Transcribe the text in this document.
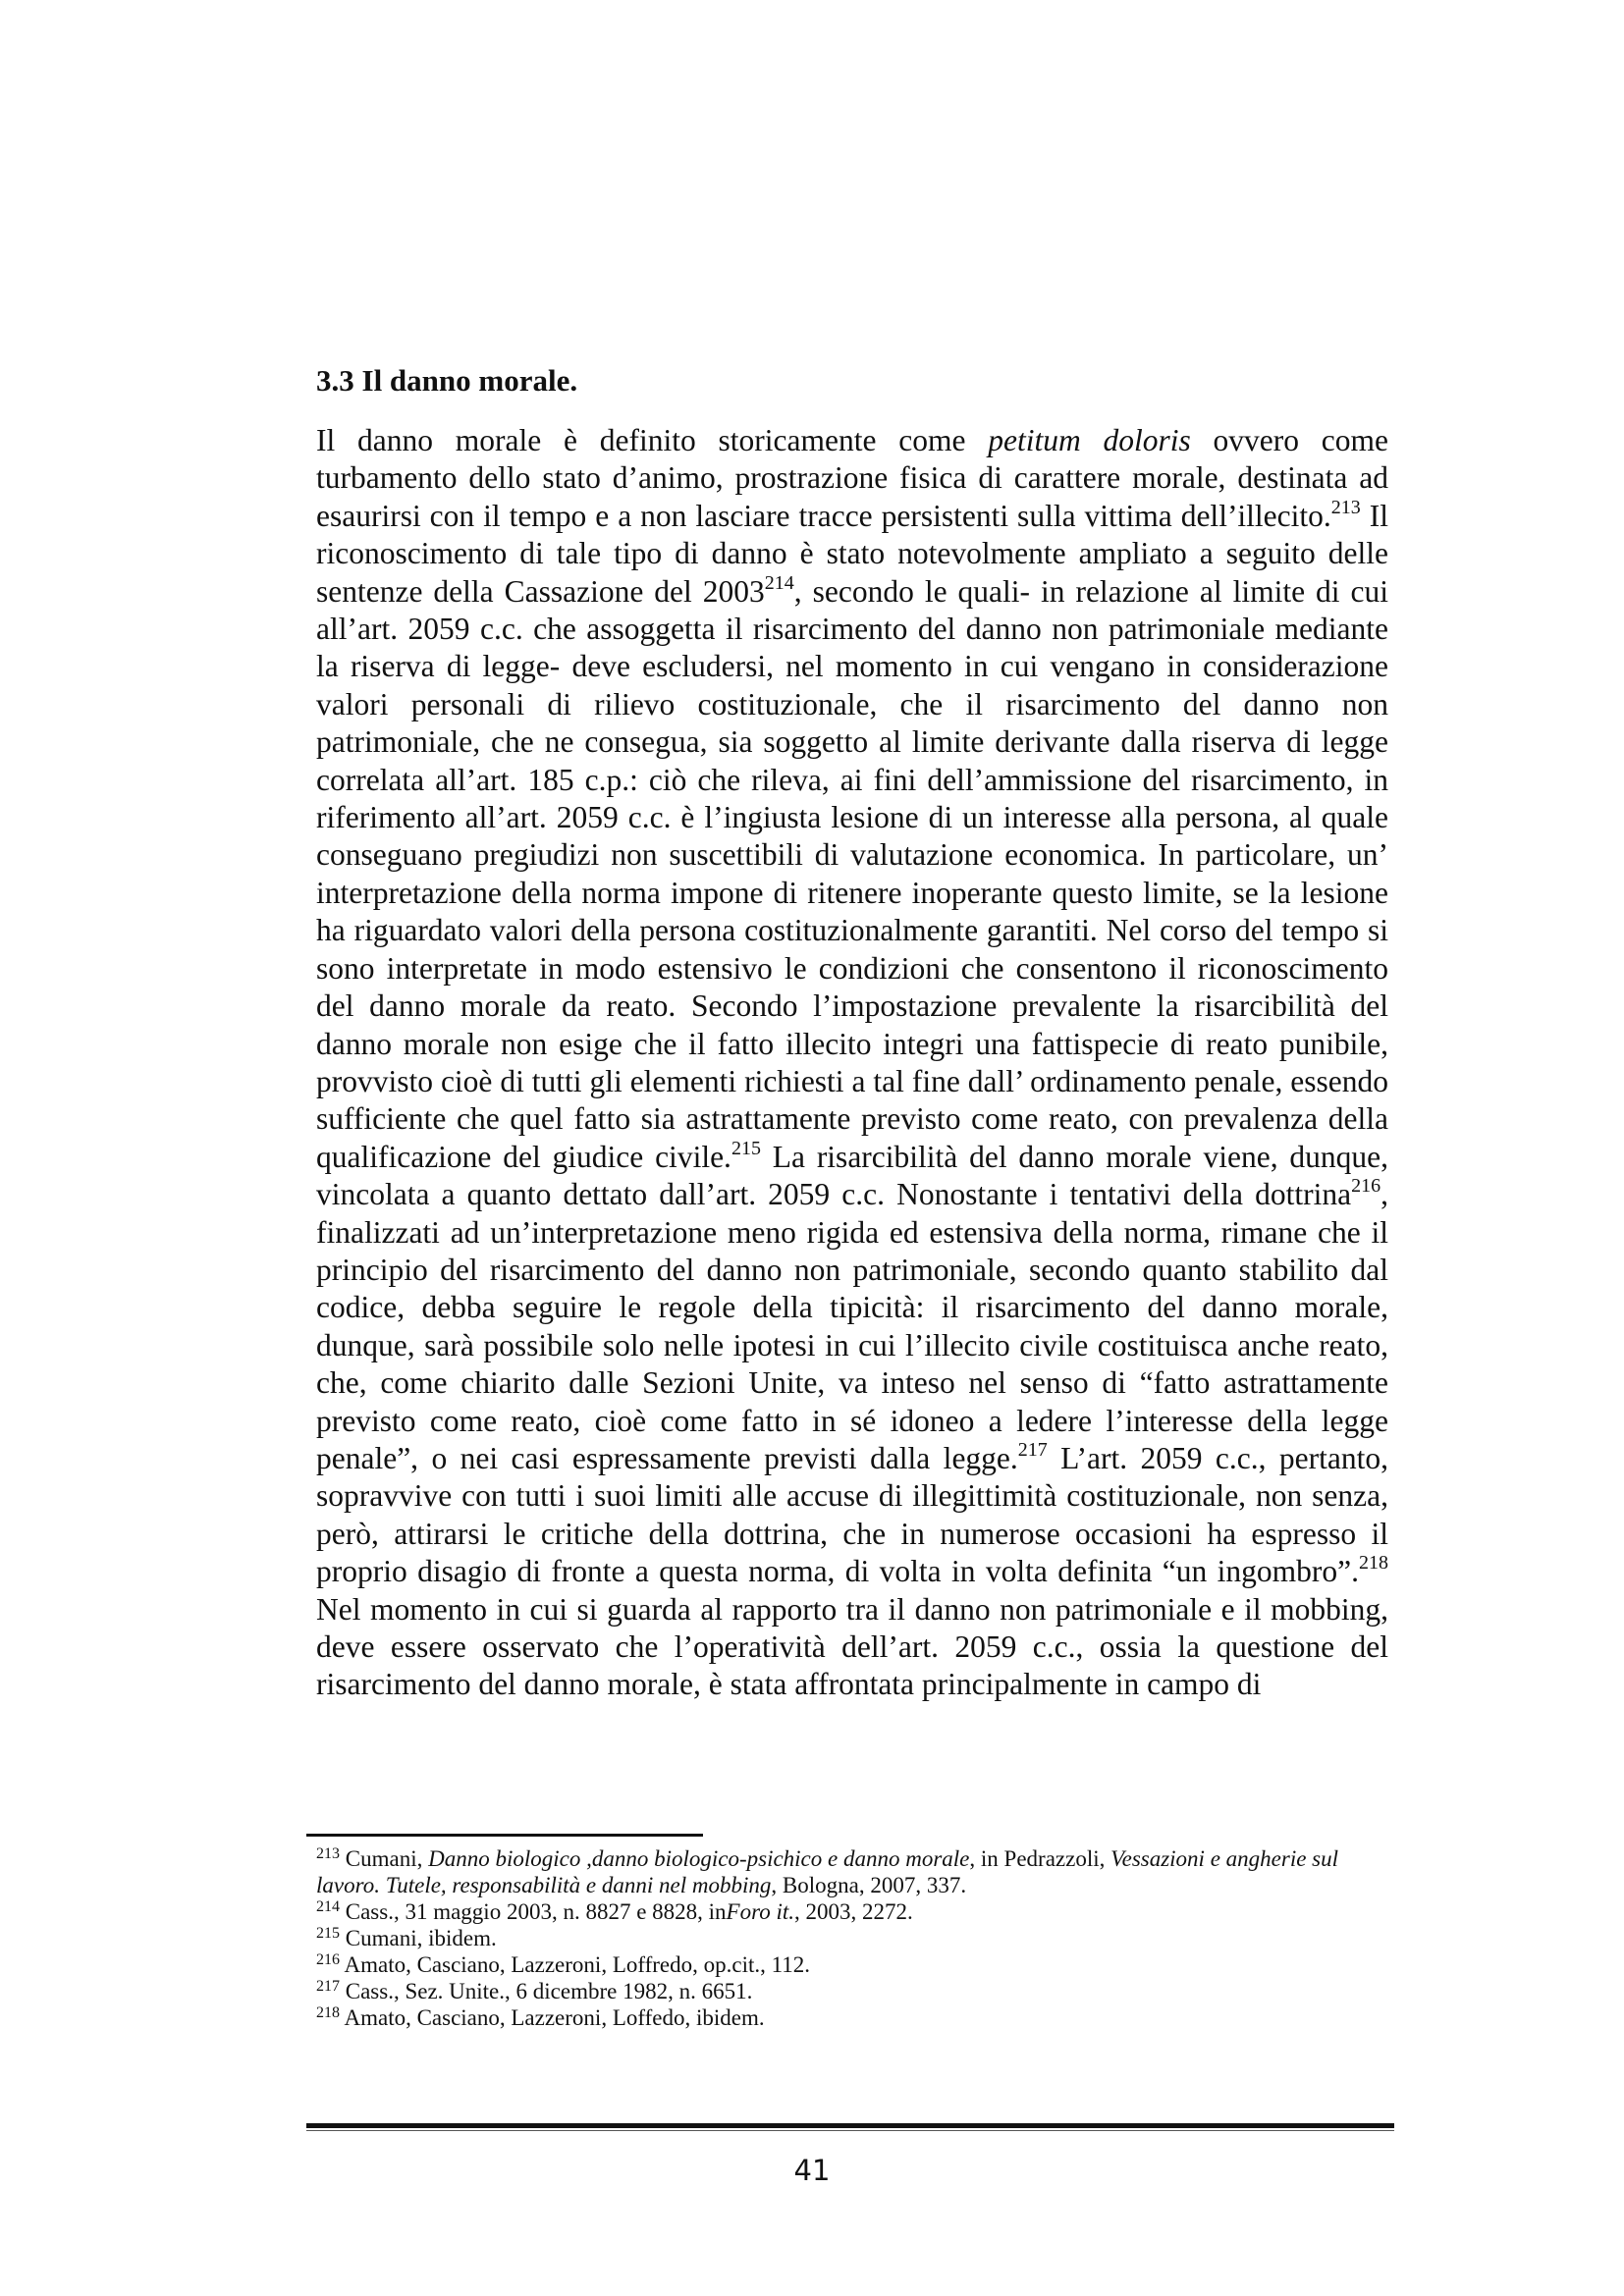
3.3 Il danno morale.

Il danno morale è definito storicamente come petitum doloris ovvero come turbamento dello stato d’animo, prostrazione fisica di carattere morale, destinata ad esaurirsi con il tempo e a non lasciare tracce persistenti sulla vittima dell’illecito.$^{213}$ Il riconoscimento di tale tipo di danno è stato notevolmente ampliato a seguito delle sentenze della Cassazione del 2003$^{214}$, secondo le quali- in relazione al limite di cui all’art. 2059 c.c. che assoggetta il risarcimento del danno non patrimoniale mediante la riserva di legge- deve escludersi, nel momento in cui vengano in considerazione valori personali di rilievo costituzionale, che il risarcimento del danno non patrimoniale, che ne consegua, sia soggetto al limite derivante dalla riserva di legge correlata all’art. 185 c.p.: ciò che rileva, ai fini dell’ammissione del risarcimento, in riferimento all’art. 2059 c.c. è l’ingiusta lesione di un interesse alla persona, al quale conseguano pregiudizi non suscettibili di valutazione economica. In particolare, un’ interpretazione della norma impone di ritenere inoperante questo limite, se la lesione ha riguardato valori della persona costituzionalmente garantiti. Nel corso del tempo si sono interpretate in modo estensivo le condizioni che consentono il riconoscimento del danno morale da reato. Secondo l’impostazione prevalente la risarcibilità del danno morale non esige che il fatto illecito integri una fattispecie di reato punibile, provvisto cioè di tutti gli elementi richiesti a tal fine dall’ ordinamento penale, essendo sufficiente che quel fatto sia astrattamente previsto come reato, con prevalenza della qualificazione del giudice civile.$^{215}$ La risarcibilità del danno morale viene, dunque, vincolata a quanto dettato dall’art. 2059 c.c. Nonostante i tentativi della dottrina$^{216}$, finalizzati ad un’interpretazione meno rigida ed estensiva della norma, rimane che il principio del risarcimento del danno non patrimoniale, secondo quanto stabilito dal codice, debba seguire le regole della tipicità: il risarcimento del danno morale, dunque, sarà possibile solo nelle ipotesi in cui l’illecito civile costituisca anche reato, che, come chiarito dalle Sezioni Unite, va inteso nel senso di “fatto astrattamente previsto come reato, cioè come fatto in sé idoneo a ledere l’interesse della legge penale”, o nei casi espressamente previsti dalla legge.$^{217}$ L’art. 2059 c.c., pertanto, sopravvive con tutti i suoi limiti alle accuse di illegittimità costituzionale, non senza, però, attirarsi le critiche della dottrina, che in numerose occasioni ha espresso il proprio disagio di fronte a questa norma, di volta in volta definita “un ingombro”.$^{218}$ Nel momento in cui si guarda al rapporto tra il danno non patrimoniale e il mobbing, deve essere osservato che l’operatività dell’art. 2059 c.c., ossia la questione del risarcimento del danno morale, è stata affrontata principalmente in campo di

$^{213}$ Cumani, Danno biologico ,danno biologico-psichico e danno morale, in Pedrazzoli, Vessazioni e angherie sul lavoro. Tutele, responsabilità e danni nel mobbing, Bologna, 2007, 337.
$^{214}$ Cass., 31 maggio 2003, n. 8827 e 8828, inForo it., 2003, 2272.
$^{215}$ Cumani, ibidem.
$^{216}$ Amato, Casciano, Lazzeroni, Loffredo, op.cit., 112.
$^{217}$ Cass., Sez. Unite., 6 dicembre 1982, n. 6651.
$^{218}$ Amato, Casciano, Lazzeroni, Loffedo, ibidem.

41
